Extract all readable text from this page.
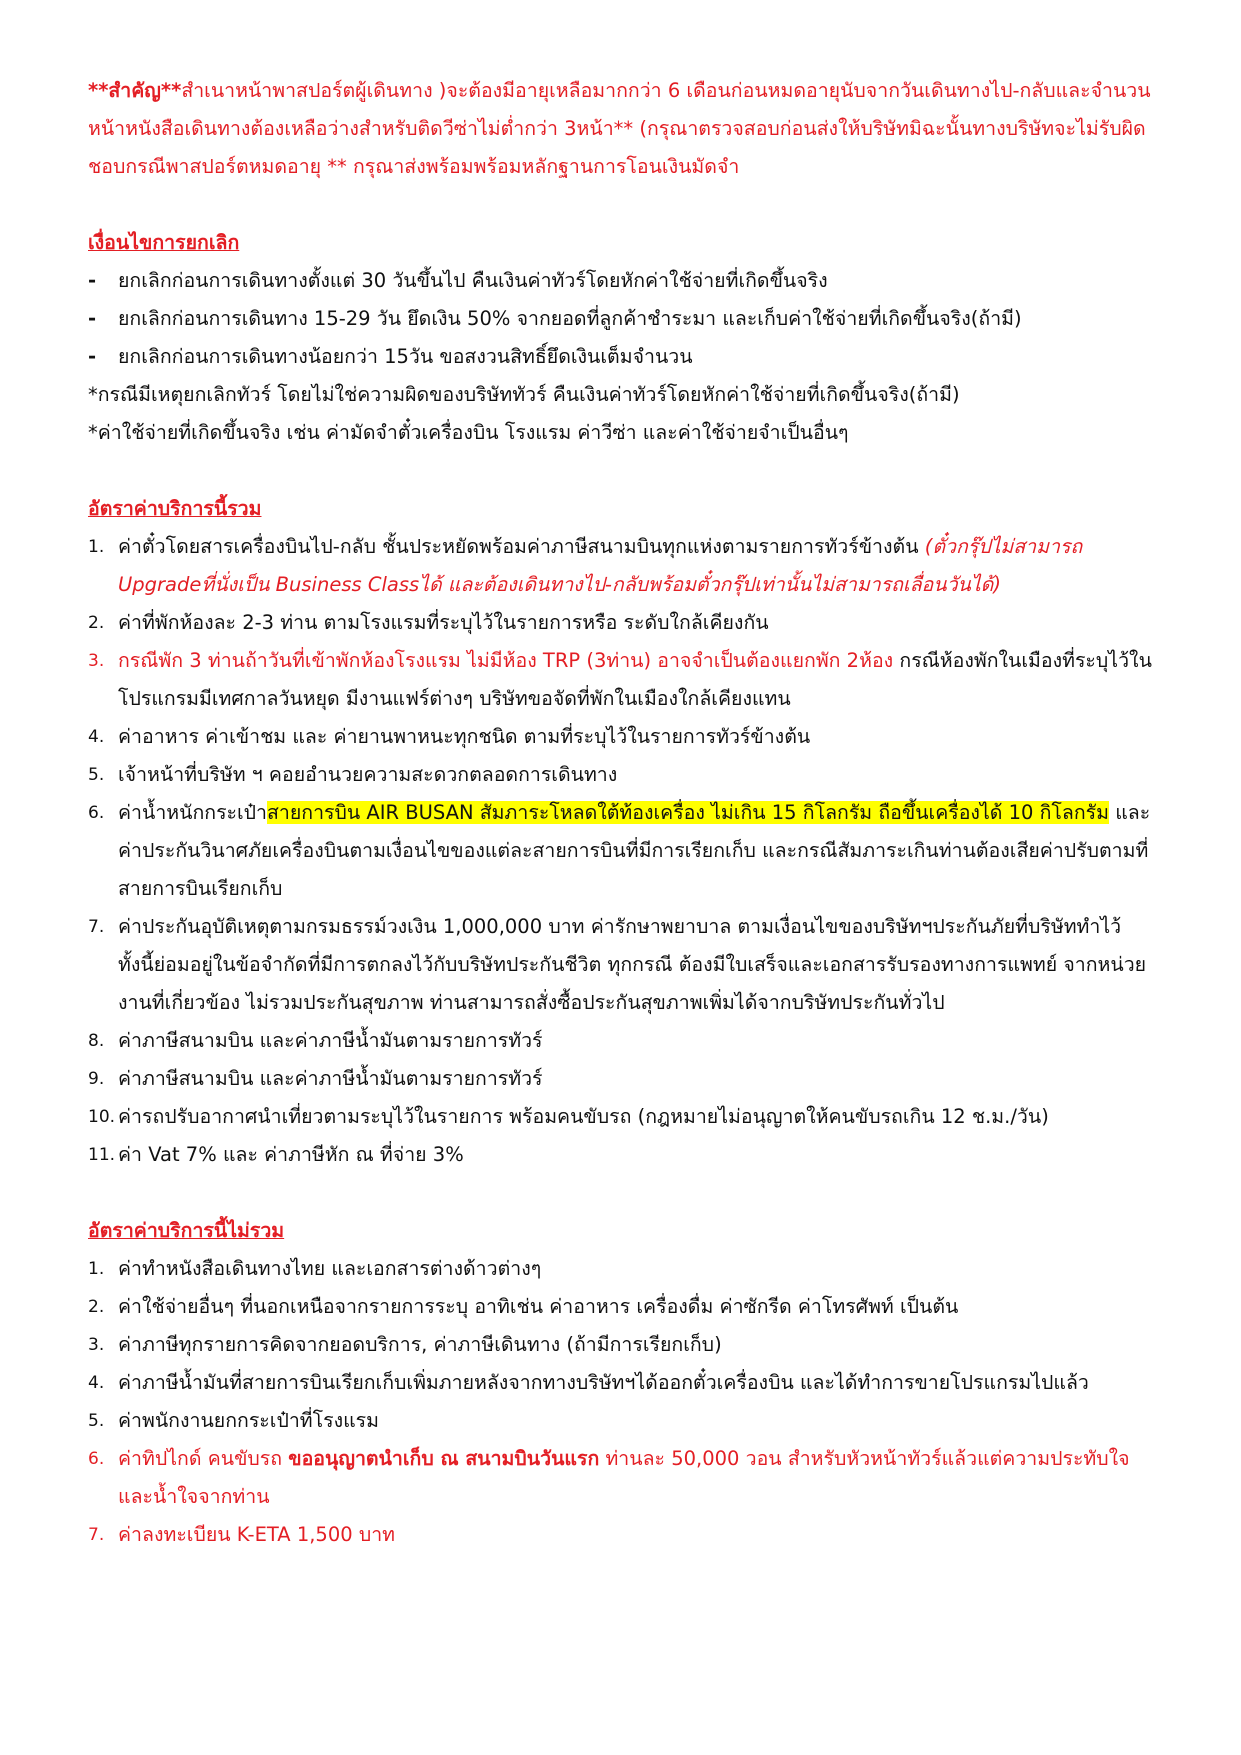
**สำคัญ**สำเนาหน้าพาสปอร์ตผู้เดินทาง )จะต้องมีอายุเหลือมากกว่า 6 เดือนก่อนหมดอายุนับจากวันเดินทางไป-กลับและจำนวนหน้าหนังสือเดินทางต้องเหลือว่างสำหรับติดวีซ่าไม่ต่ำกว่า 3หน้า** (กรุณาตรวจสอบก่อนส่งให้บริษัทมิฉะนั้นทางบริษัทจะไม่รับผิดชอบกรณีพาสปอร์ตหมดอายุ ** กรุณาส่งพร้อมพร้อมหลักฐานการโอนเงินมัดจำ
เงื่อนไขการยกเลิก
-	ยกเลิกก่อนการเดินทางตั้งแต่ 30 วันขึ้นไป คืนเงินค่าทัวร์โดยหักค่าใช้จ่ายที่เกิดขึ้นจริง
-	ยกเลิกก่อนการเดินทาง 15-29 วัน ยึดเงิน 50% จากยอดที่ลูกค้าชำระมา และเก็บค่าใช้จ่ายที่เกิดขึ้นจริง(ถ้ามี)
-	ยกเลิกก่อนการเดินทางน้อยกว่า 15วัน ขอสงวนสิทธิ์ยึดเงินเต็มจำนวน
*กรณีมีเหตุยกเลิกทัวร์ โดยไม่ใช่ความผิดของบริษัททัวร์ คืนเงินค่าทัวร์โดยหักค่าใช้จ่ายที่เกิดขึ้นจริง(ถ้ามี)
*ค่าใช้จ่ายที่เกิดขึ้นจริง เช่น ค่ามัดจำตั๋วเครื่องบิน โรงแรม ค่าวีซ่า และค่าใช้จ่ายจำเป็นอื่นๆ
อัตราค่าบริการนี้รวม
1. ค่าตั๋วโดยสารเครื่องบินไป-กลับ ชั้นประหยัดพร้อมค่าภาษีสนามบินทุกแห่งตามรายการทัวร์ข้างต้น (ตั๋วกรุ๊ปไม่สามารถ Upgradeที่นั่งเป็น Business Classได้ และต้องเดินทางไป-กลับพร้อมตั๋วกรุ๊ปเท่านั้นไม่สามารถเลื่อนวันได้)
2. ค่าที่พักห้องละ 2-3 ท่าน ตามโรงแรมที่ระบุไว้ในรายการหรือ ระดับใกล้เคียงกัน
3. กรณีพัก 3 ท่านถ้าวันที่เข้าพักห้องโรงแรม ไม่มีห้อง TRP (3ท่าน) อาจจำเป็นต้องแยกพัก 2ห้อง กรณีห้องพักในเมืองที่ระบุไว้ในโปรแกรมมีเทศกาลวันหยุด มีงานแฟร์ต่างๆ บริษัทขอจัดที่พักในเมืองใกล้เคียงแทน
4. ค่าอาหาร ค่าเข้าชม และ ค่ายานพาหนะทุกชนิด ตามที่ระบุไว้ในรายการทัวร์ข้างต้น
5. เจ้าหน้าที่บริษัท ฯ คอยอำนวยความสะดวกตลอดการเดินทาง
6. ค่าน้ำหนักกระเป๋าสายการบิน AIR BUSAN สัมภาระโหลดใต้ท้องเครื่อง ไม่เกิน 15 กิโลกรัม ถือขึ้นเครื่องได้ 10 กิโลกรัม และค่าประกันวินาศภัยเครื่องบินตามเงื่อนไขของแต่ละสายการบินที่มีการเรียกเก็บ และกรณีสัมภาระเกินท่านต้องเสียค่าปรับตามที่สายการบินเรียกเก็บ
7. ค่าประกันอุบัติเหตุตามกรมธรรม์วงเงิน 1,000,000 บาท ค่ารักษาพยาบาล ตามเงื่อนไขของบริษัทฯประกันภัยที่บริษัททำไว้ ทั้งนี้ย่อมอยู่ในข้อจำกัดที่มีการตกลงไว้กับบริษัทประกันชีวิต ทุกกรณี ต้องมีใบเสร็จและเอกสารรับรองทางการแพทย์ จากหน่วยงานที่เกี่ยวข้อง ไม่รวมประกันสุขภาพ ท่านสามารถสั่งซื้อประกันสุขภาพเพิ่มได้จากบริษัทประกันทั่วไป
8. ค่าภาษีสนามบิน และค่าภาษีน้ำมันตามรายการทัวร์
9. ค่าภาษีสนามบิน และค่าภาษีน้ำมันตามรายการทัวร์
10. ค่ารถปรับอากาศนำเที่ยวตามระบุไว้ในรายการ พร้อมคนขับรถ (กฎหมายไม่อนุญาตให้คนขับรถเกิน 12 ช.ม./วัน)
11. ค่า Vat 7% และ ค่าภาษีหัก ณ ที่จ่าย 3%
อัตราค่าบริการนี้ไม่รวม
1. ค่าทำหนังสือเดินทางไทย และเอกสารต่างด้าวต่างๆ
2. ค่าใช้จ่ายอื่นๆ ที่นอกเหนือจากรายการระบุ อาทิเช่น ค่าอาหาร เครื่องดื่ม ค่าซักรีด ค่าโทรศัพท์ เป็นต้น
3. ค่าภาษีทุกรายการคิดจากยอดบริการ, ค่าภาษีเดินทาง (ถ้ามีการเรียกเก็บ)
4. ค่าภาษีน้ำมันที่สายการบินเรียกเก็บเพิ่มภายหลังจากทางบริษัทฯได้ออกตั๋วเครื่องบิน และได้ทำการขายโปรแกรมไปแล้ว
5. ค่าพนักงานยกกระเป๋าที่โรงแรม
6. ค่าทิปไกด์ คนขับรถ ขออนุญาตนำเก็บ ณ สนามบินวันแรก ท่านละ 50,000 วอน สำหรับหัวหน้าทัวร์แล้วแต่ความประทับใจและน้ำใจจากท่าน
7. ค่าลงทะเบียน K-ETA 1,500 บาท
